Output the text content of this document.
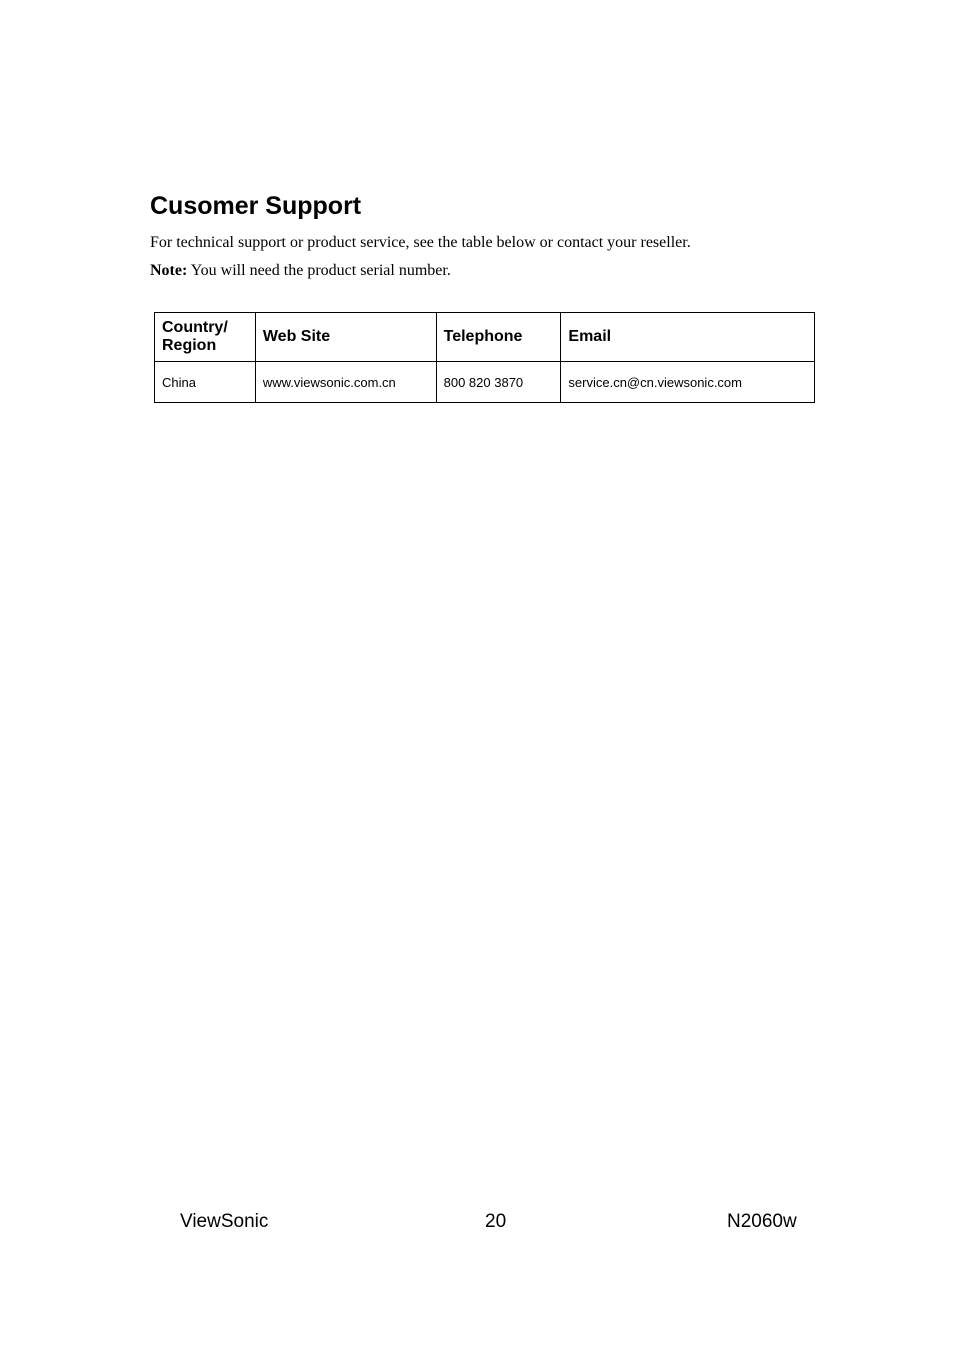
Cusomer Support

For technical support or product service, see the table below or contact your reseller.

Note: You will need the product serial number.

Country/
Region	Web Site	Telephone	Email
China	www.viewsonic.com.cn	800 820 3870	service.cn@cn.viewsonic.com
ViewSonic	20	N2060w
